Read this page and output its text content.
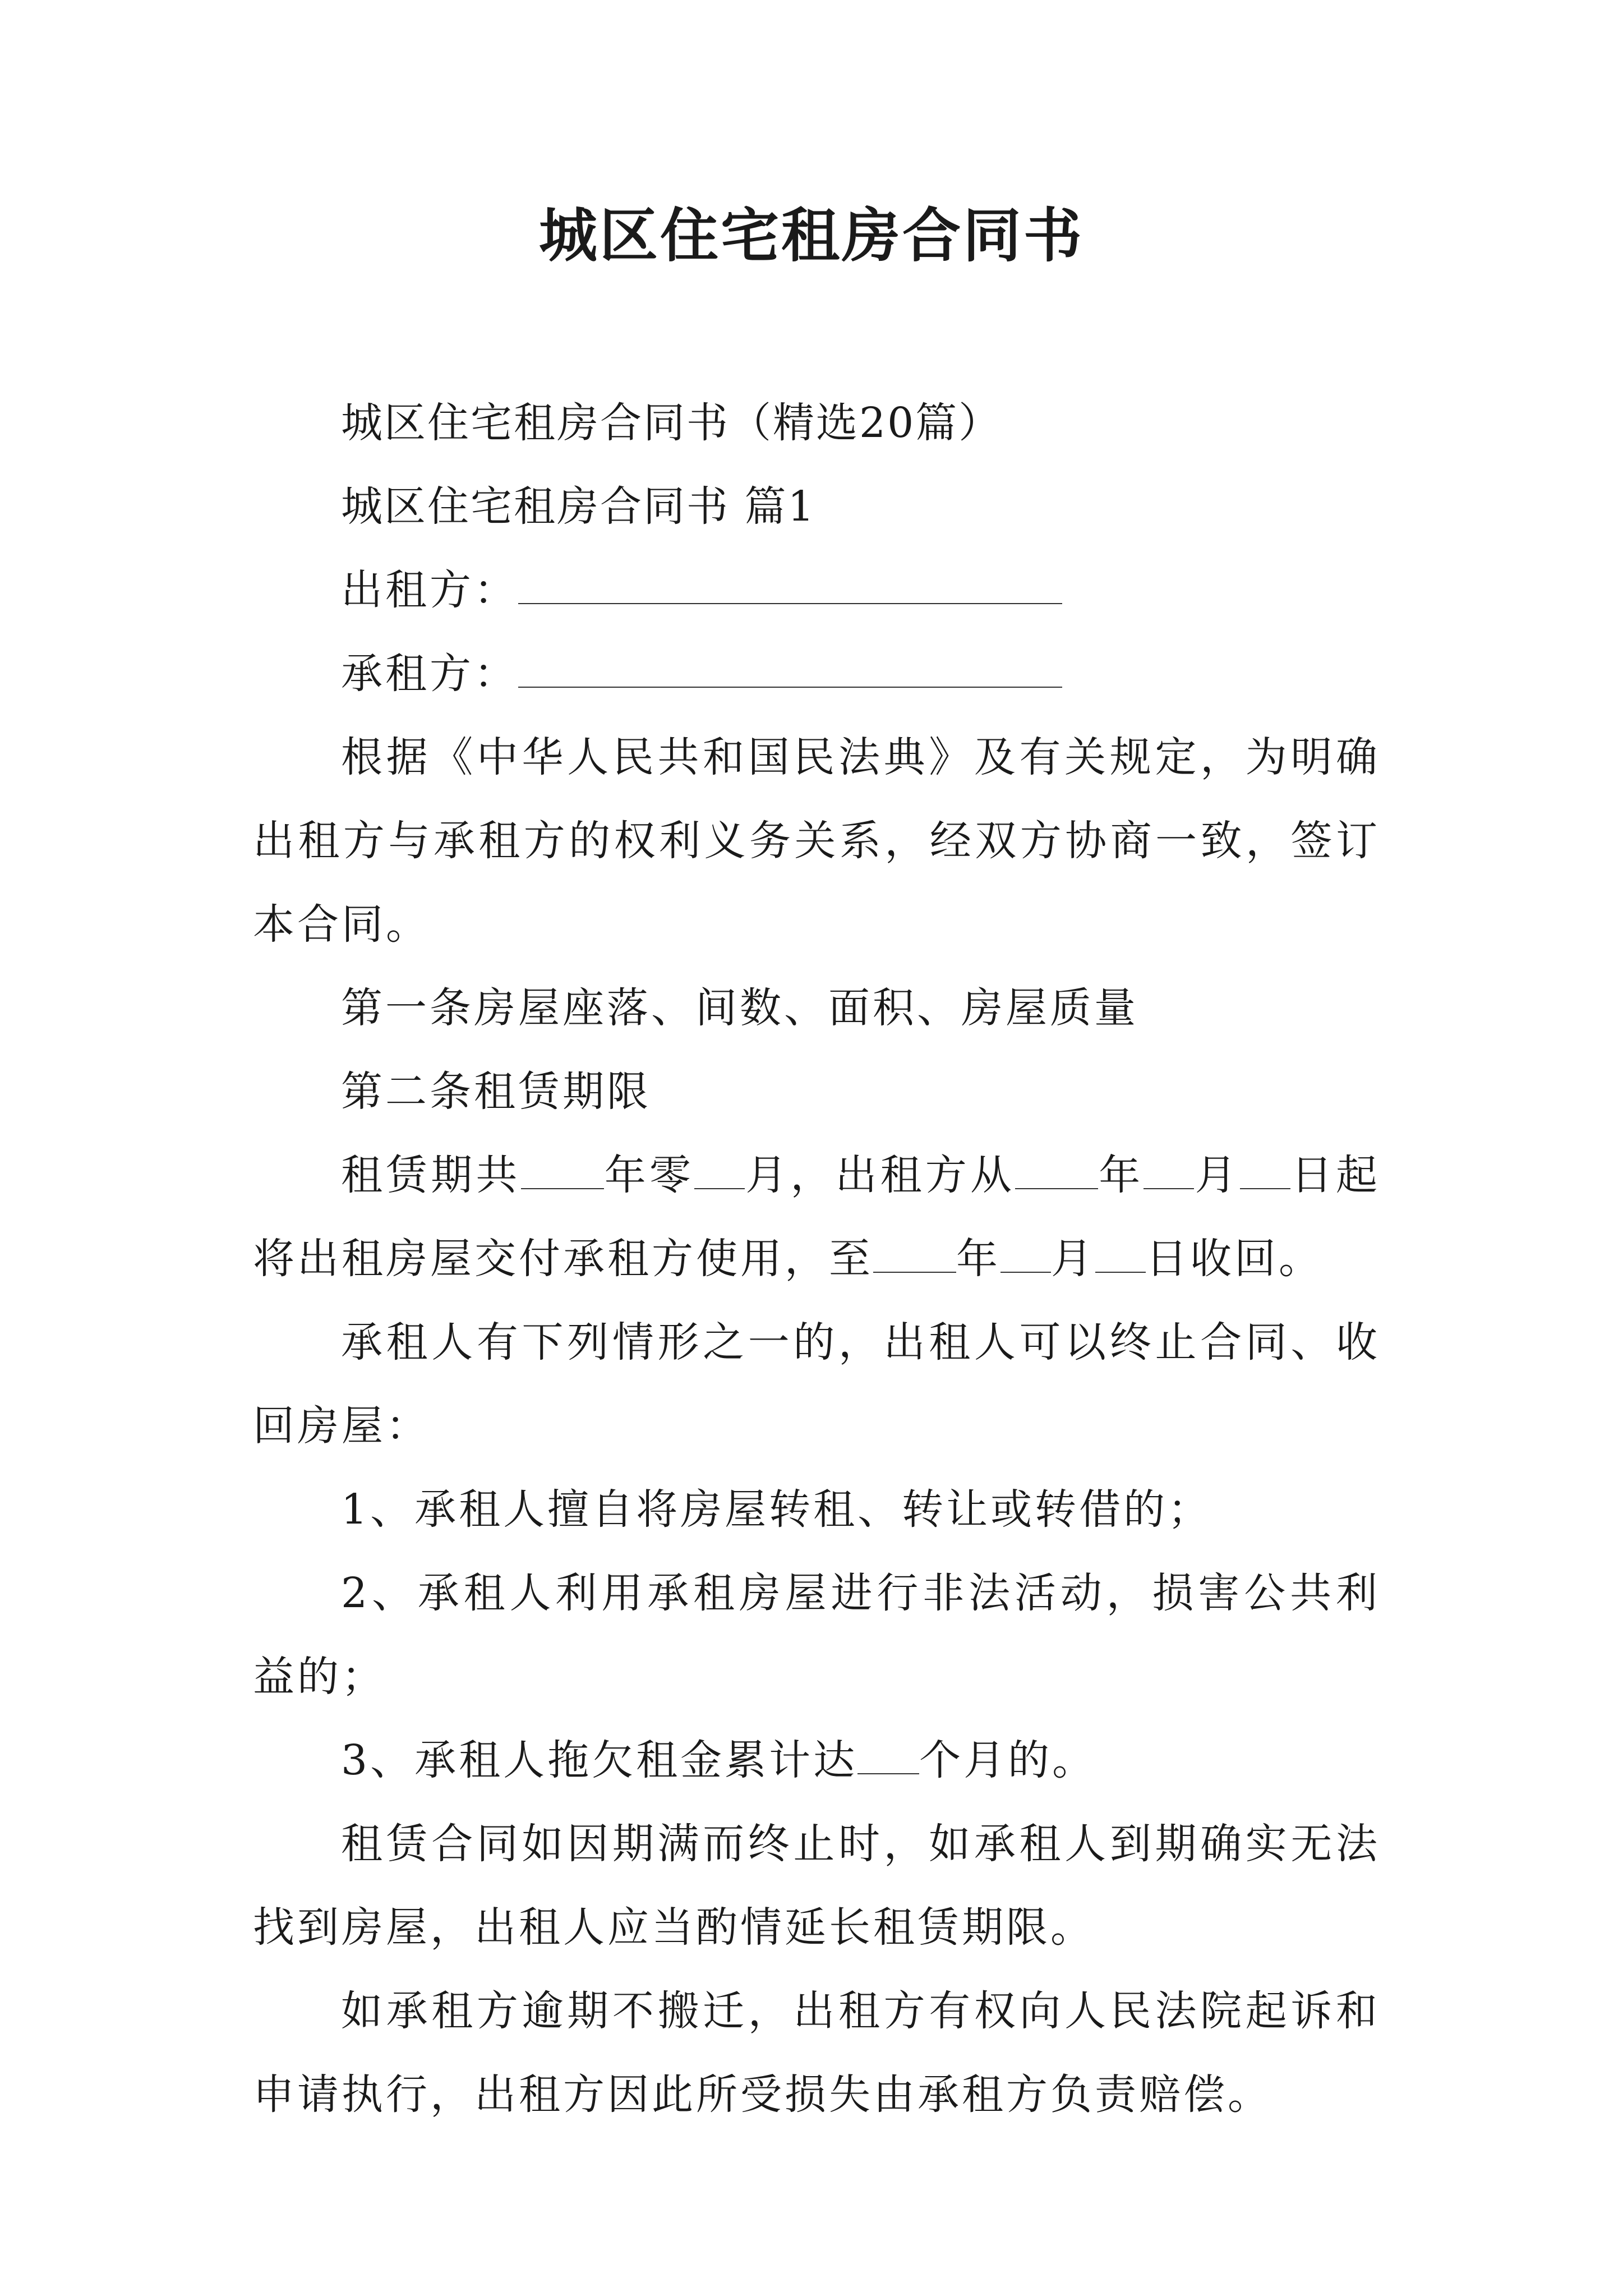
城区住宅租房合同书

城区住宅租房合同书（精选20篇）

城区住宅租房合同书 篇1

出租方：

承租方：

根据《中华人民共和国民法典》及有关规定，为明确出租方与承租方的权利义务关系，经双方协商一致，签订本合同。

第一条房屋座落、间数、面积、房屋质量

第二条租赁期限

租赁期共 年零 月，出租方从 年 月 日起将出租房屋交付承租方使用，至 年 月 日收回。

承租人有下列情形之一的，出租人可以终止合同、收回房屋：

1、承租人擅自将房屋转租、转让或转借的；

2、承租人利用承租房屋进行非法活动，损害公共利益的；

3、承租人拖欠租金累计达 个月的。

租赁合同如因期满而终止时，如承租人到期确实无法找到房屋，出租人应当酌情延长租赁期限。

如承租方逾期不搬迁，出租方有权向人民法院起诉和申请执行，出租方因此所受损失由承租方负责赔偿。
